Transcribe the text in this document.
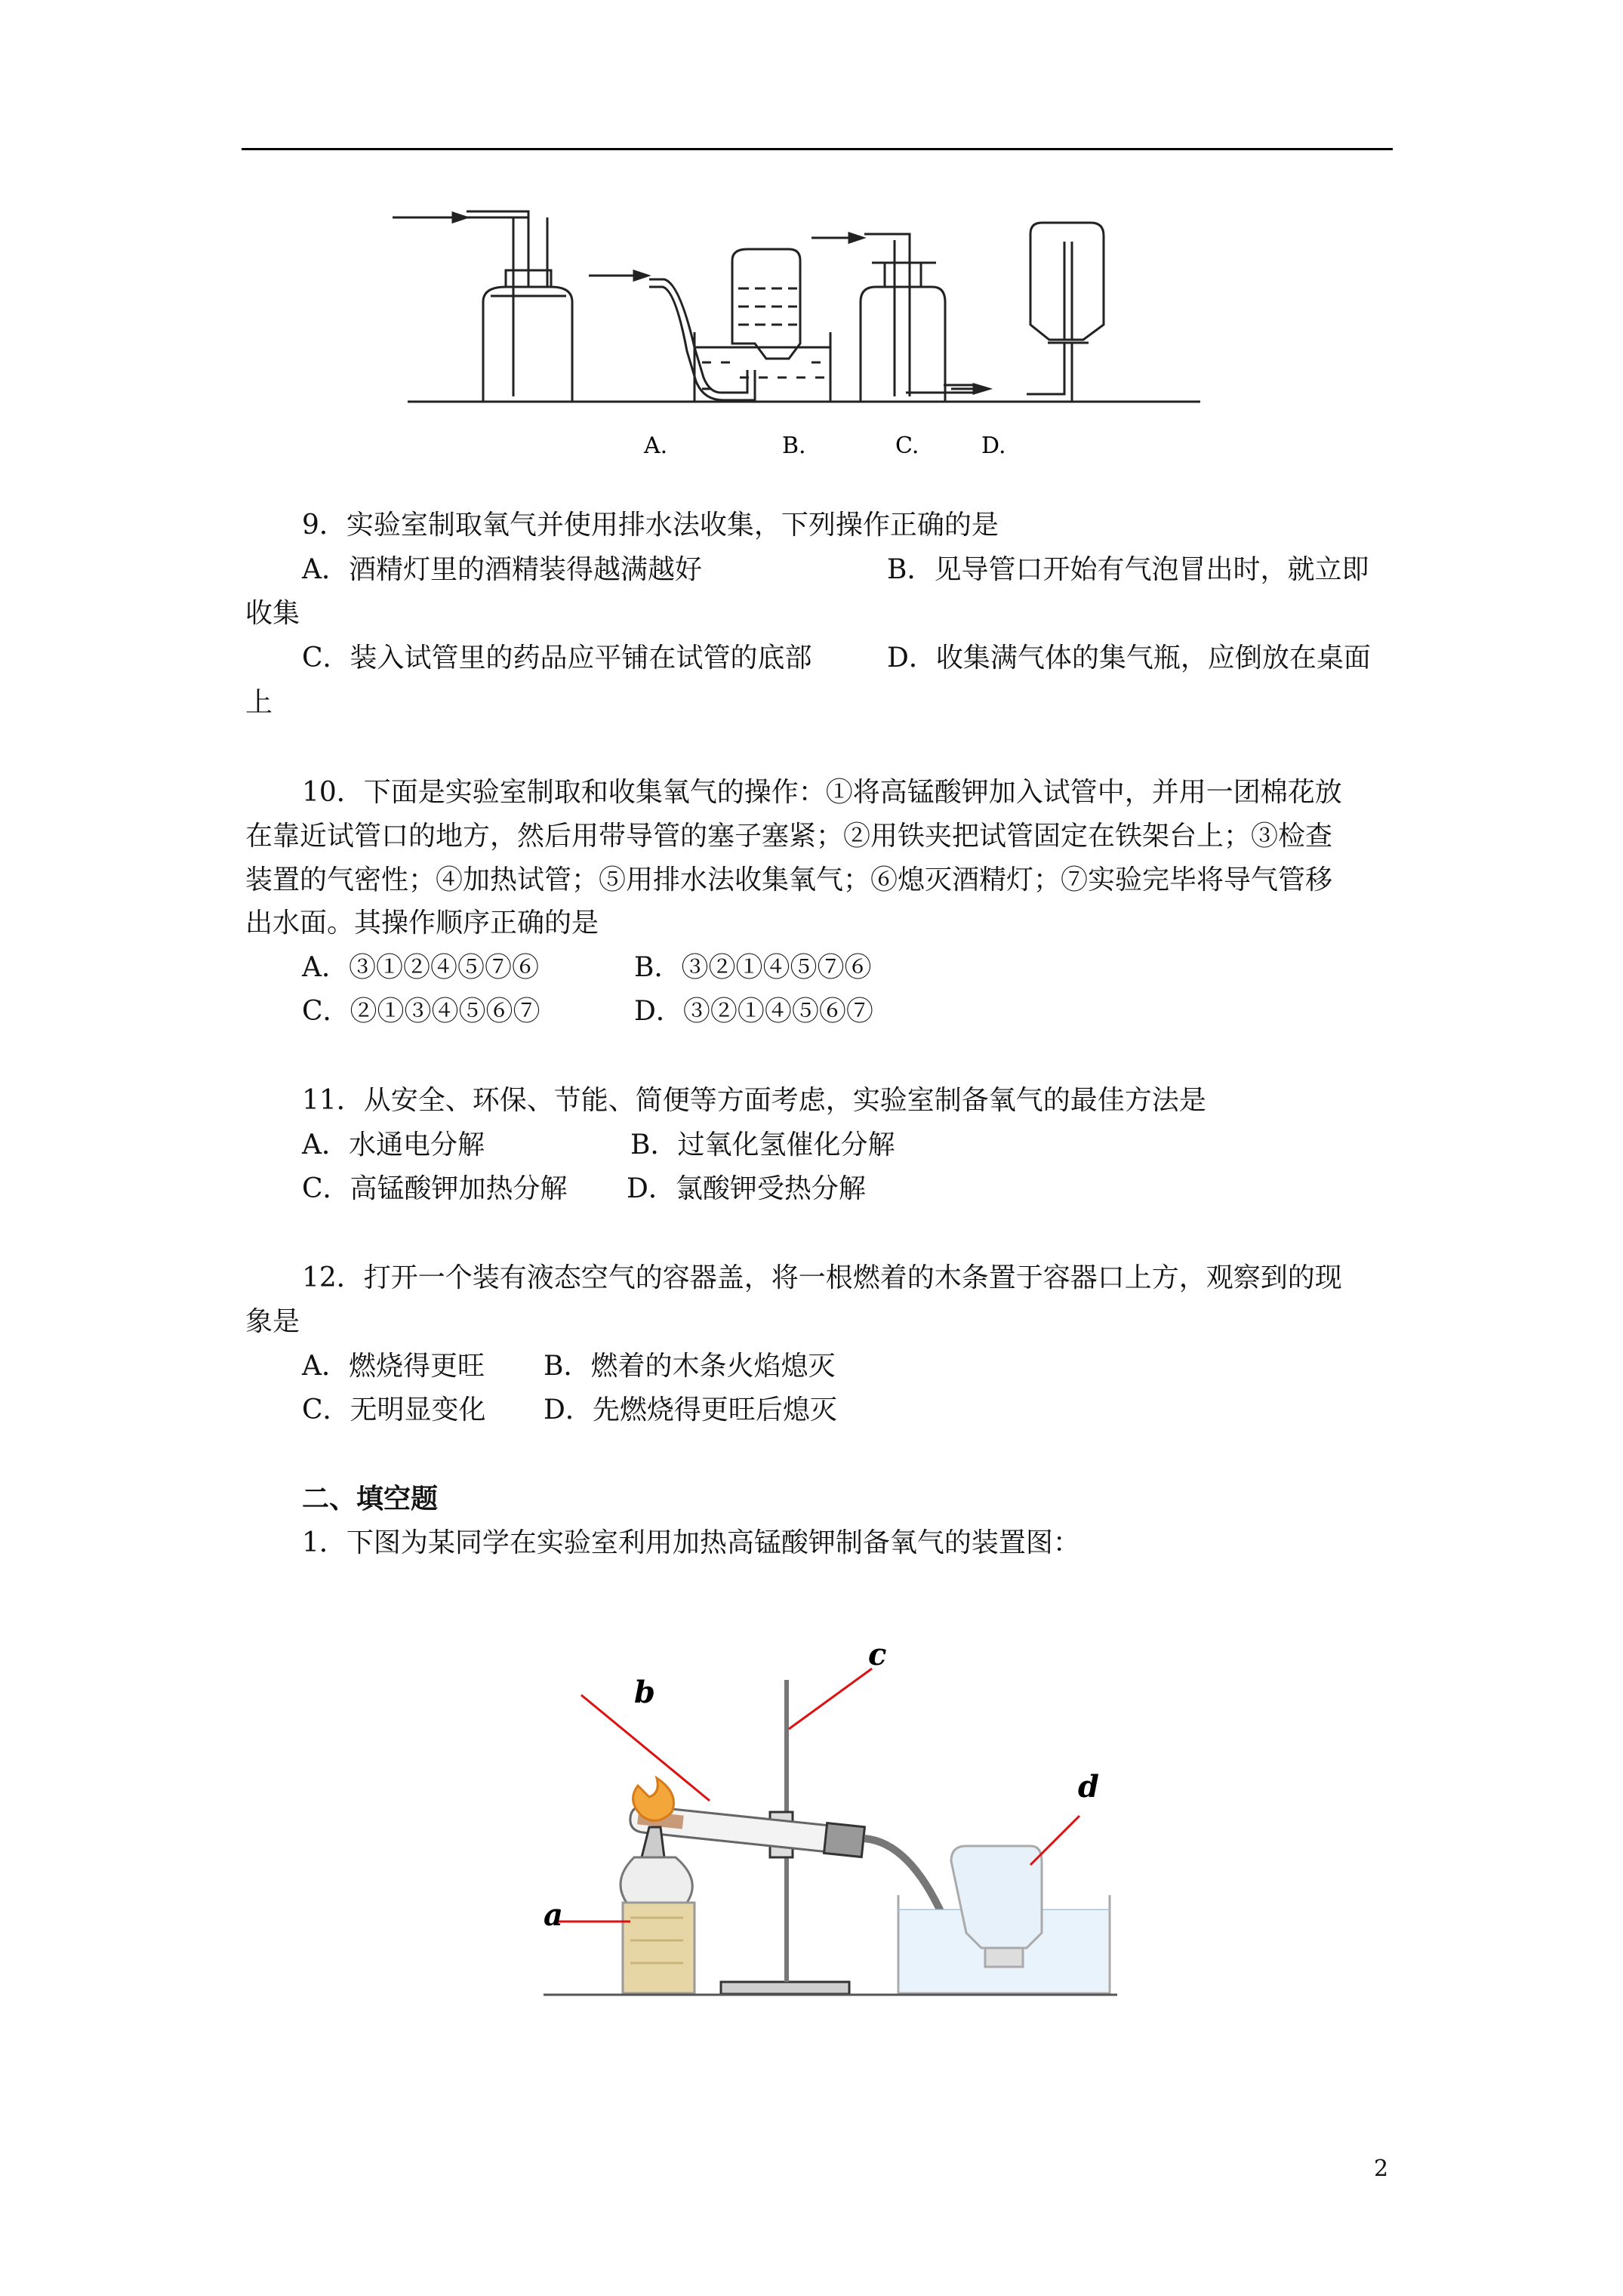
A.	B.	C.	D.
9．实验室制取氧气并使用排水法收集，下列操作正确的是
A．酒精灯里的酒精装得越满越好	B．见导管口开始有气泡冒出时，就立即
收集
C．装入试管里的药品应平铺在试管的底部	D．收集满气体的集气瓶，应倒放在桌面
上
10．下面是实验室制取和收集氧气的操作：①将高锰酸钾加入试管中，并用一团棉花放
在靠近试管口的地方，然后用带导管的塞子塞紧；②用铁夹把试管固定在铁架台上；③检查
装置的气密性；④加热试管；⑤用排水法收集氧气；⑥熄灭酒精灯；⑦实验完毕将导气管移
出水面。其操作顺序正确的是
A．③①②④⑤⑦⑥	B．③②①④⑤⑦⑥
C．②①③④⑤⑥⑦	D．③②①④⑤⑥⑦
11．从安全、环保、节能、简便等方面考虑，实验室制备氧气的最佳方法是
A．水通电分解	B．过氧化氢催化分解
C．高锰酸钾加热分解 D．氯酸钾受热分解
12．打开一个装有液态空气的容器盖，将一根燃着的木条置于容器口上方，观察到的现
象是
A．燃烧得更旺 B．燃着的木条火焰熄灭
C．无明显变化 D．先燃烧得更旺后熄灭
二、填空题
1．下图为某同学在实验室利用加热高锰酸钾制备氧气的装置图：
a
b
c
d
2
